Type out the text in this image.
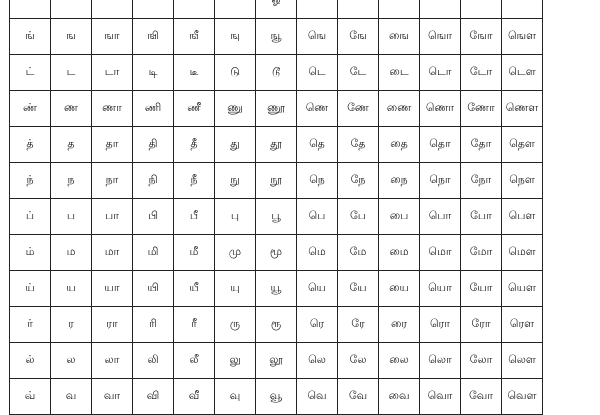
ங்	ங	ஙா	ஙி	ஙீ	ஙு	ஙூ	ஙெ	ஙே	ஙை	ஙொ	ஙோ	ஙௌ
ட்	ட	டா	டி	டீ	டு	டூ	டெ	டே	டை	டொ	டோ	டௌ
ண்	ண	ணா	ணி	ணீ	ணு	ணூ	ணெ	ணே	ணை	ணொ	ணோ	ணௌ
த்	த	தா	தி	தீ	து	தூ	தெ	தே	தை	தொ	தோ	தௌ
ந்	ந	நா	நி	நீ	நு	நூ	நெ	நே	நை	நொ	நோ	நௌ
ப்	ப	பா	பி	பீ	பு	பூ	பெ	பே	பை	பொ	போ	பௌ
ம்	ம	மா	மி	மீ	மு	மூ	மெ	மே	மை	மொ	மோ	மௌ
ய்	ய	யா	யி	யீ	யு	யூ	யெ	யே	யை	யொ	யோ	யௌ
ர்	ர	ரா	ரி	ரீ	ரு	ரூ	ரெ	ரே	ரை	ரொ	ரோ	ரௌ
ல்	ல	லா	லி	லீ	லு	லூ	லெ	லே	லை	லொ	லோ	லௌ
வ்	வ	வா	வி	வீ	வு	வூ	வெ	வே	வை	வொ	வோ	வௌ
